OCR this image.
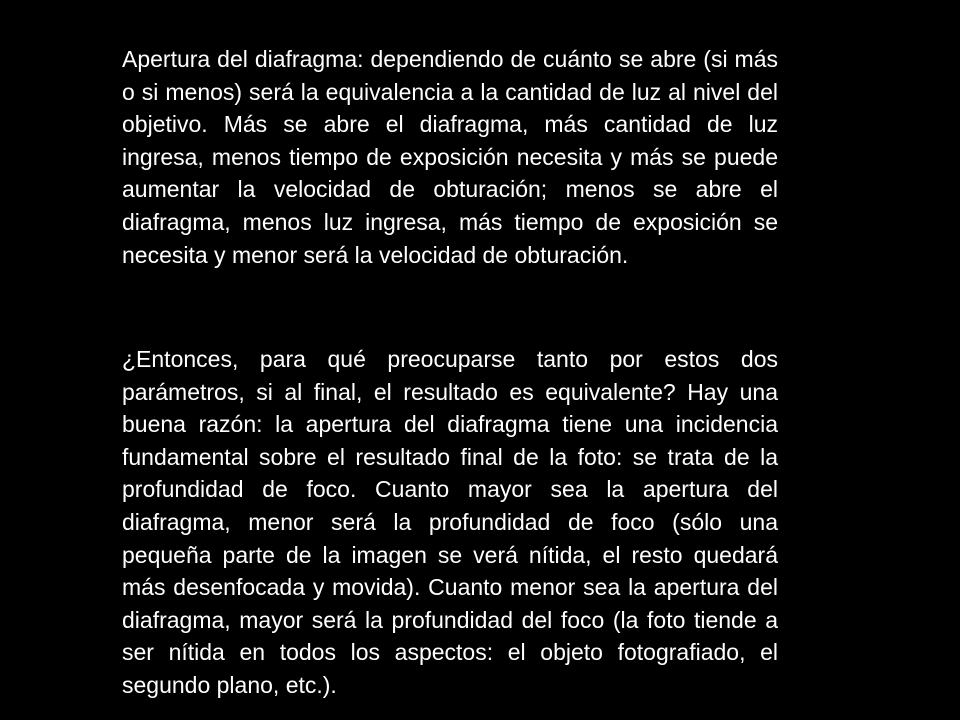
Apertura del diafragma: dependiendo de cuánto se abre (si más o si menos) será la equivalencia a la cantidad de luz al nivel del objetivo. Más se abre el diafragma, más cantidad de luz ingresa, menos tiempo de exposición necesita y más se puede aumentar la velocidad de obturación; menos se abre el diafragma, menos luz ingresa, más tiempo de exposición se necesita y menor será la velocidad de obturación.

¿Entonces, para qué preocuparse tanto por estos dos parámetros, si al final, el resultado es equivalente? Hay una buena razón: la apertura del diafragma tiene una incidencia fundamental sobre el resultado final de la foto: se trata de la profundidad de foco. Cuanto mayor sea la apertura del diafragma, menor será la profundidad de foco (sólo una pequeña parte de la imagen se verá nítida, el resto quedará más desenfocada y movida). Cuanto menor sea la apertura del diafragma, mayor será la profundidad del foco (la foto tiende a ser nítida en todos los aspectos: el objeto fotografiado, el segundo plano, etc.).
